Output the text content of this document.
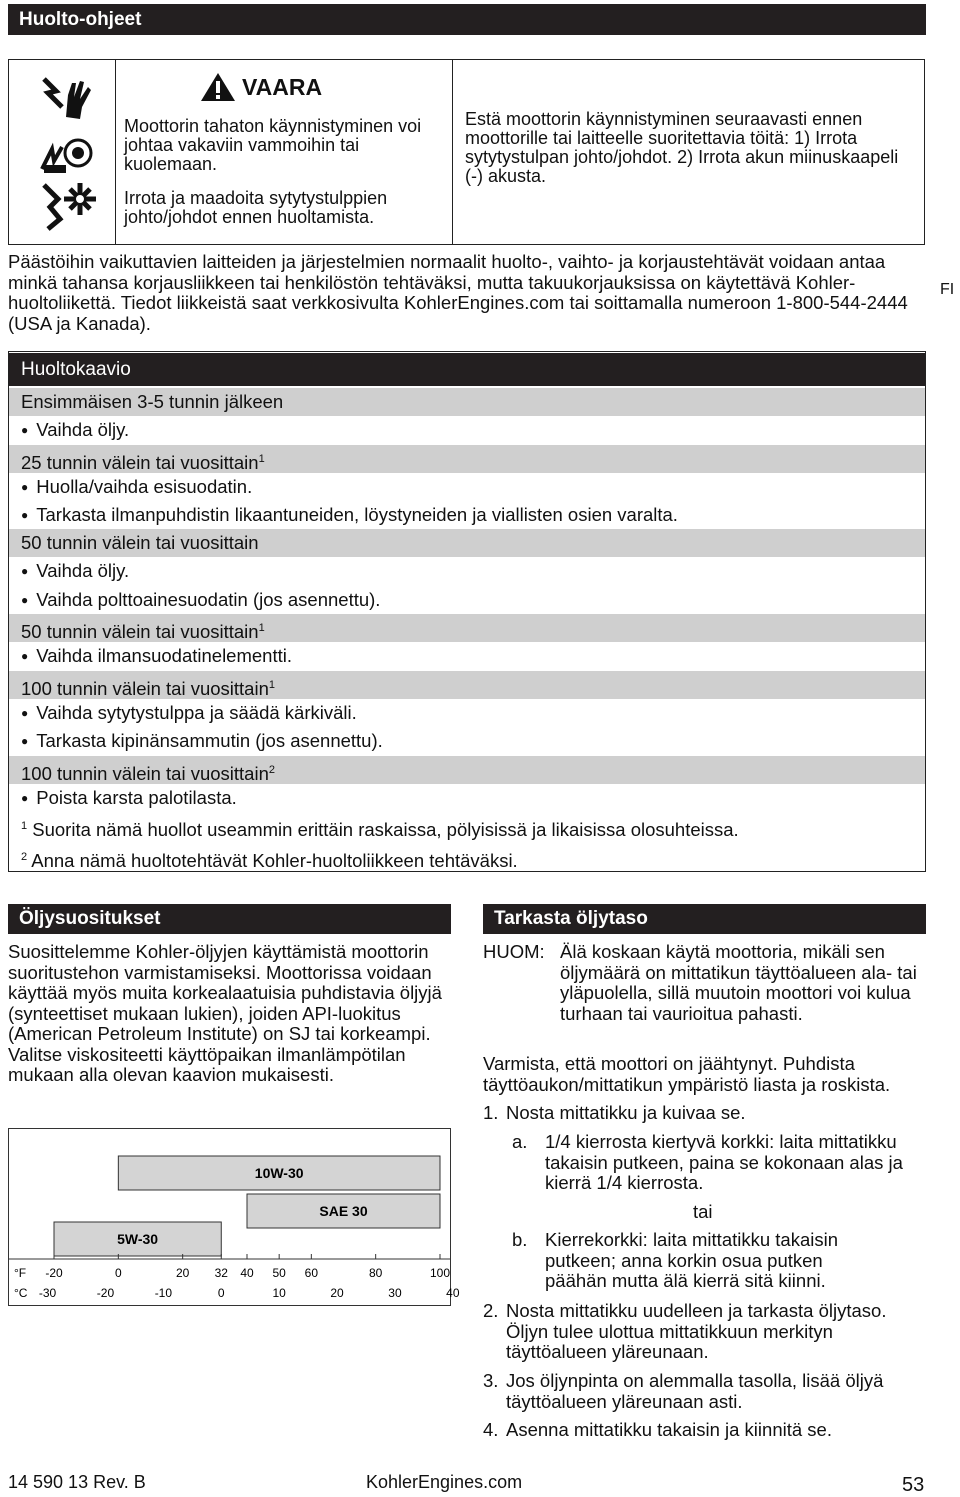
Huolto-ohjeet
VAARA
Moottorin tahaton käynnistyminen voi johtaa vakaviin vammoihin tai kuolemaan.
Irrota ja maadoita sytytystulppien johto/johdot ennen huoltamista.
Estä moottorin käynnistyminen seuraavasti ennen moottorille tai laitteelle suoritettavia töitä: 1) Irrota sytytystulpan johto/johdot. 2) Irrota akun miinuskaapeli (-) akusta.
Päästöihin vaikuttavien laitteiden ja järjestelmien normaalit huolto-, vaihto- ja korjaustehtävät voidaan antaa minkä tahansa korjausliikkeen tai henkilöstön tehtäväksi, mutta takuukorjauksissa on käytettävä Kohler-huoltoliikettä. Tiedot liikkeistä saat verkkosivulta KohlerEngines.com tai soittamalla numeroon 1-800-544-2444 (USA ja Kanada).
FI
Huoltokaavio
Ensimmäisen 3-5 tunnin jälkeen
● Vaihda öljy.
25 tunnin välein tai vuosittain$^1$
● Huolla/vaihda esisuodatin.
● Tarkasta ilmanpuhdistin likaantuneiden, löystyneiden ja viallisten osien varalta.
50 tunnin välein tai vuosittain
● Vaihda öljy.
● Vaihda polttoainesuodatin (jos asennettu).
50 tunnin välein tai vuosittain$^1$
● Vaihda ilmansuodatinelementti.
100 tunnin välein tai vuosittain$^1$
● Vaihda sytytystulppa ja säädä kärkiväli.
● Tarkasta kipinänsammutin (jos asennettu).
100 tunnin välein tai vuosittain$^2$
● Poista karsta palotilasta.
$^1$ Suorita nämä huollot useammin erittäin raskaissa, pölyisissä ja likaisissa olosuhteissa.
$^2$ Anna nämä huoltotehtävät Kohler-huoltoliikkeen tehtäväksi.
Öljysuositukset
Suosittelemme Kohler-öljyjen käyttämistä moottorin suoritustehon varmistamiseksi. Moottorissa voidaan käyttää myös muita korkealaatuisia puhdistavia öljyjä (synteettiset mukaan lukien), joiden API-luokitus (American Petroleum Institute) on SJ tai korkeampi. Valitse viskositeetti käyttöpaikan ilmanlämpötilan mukaan alla olevan kaavion mukaisesti.
10W-30
SAE 30
5W-30
-20	0	20 32 40 50 60	80	100
-30	-20	-10	0	10	20	30	40
°F
°C
Tarkasta öljytaso
HUOM: Älä koskaan käytä moottoria, mikäli sen öljymäärä on mittatikun täyttöalueen ala- tai yläpuolella, sillä muutoin moottori voi kulua turhaan tai vaurioitua pahasti.
Varmista, että moottori on jäähtynyt. Puhdista täyttöaukon/mittatikun ympäristö liasta ja roskista.
1. Nosta mittatikku ja kuivaa se.
a. 1/4 kierrosta kiertyvä korkki: laita mittatikku takaisin putkeen, paina se kokonaan alas ja kierrä 1/4 kierrosta.
tai
b. Kierrekorkki: laita mittatikku takaisin putkeen; anna korkin osua putken päähän mutta älä kierrä sitä kiinni.
2. Nosta mittatikku uudelleen ja tarkasta öljytaso. Öljyn tulee ulottua mittatikkuun merkityn täyttöalueen yläreunaan.
3. Jos öljynpinta on alemmalla tasolla, lisää öljyä täyttöalueen yläreunaan asti.
4. Asenna mittatikku takaisin ja kiinnitä se.
14 590 13 Rev. B	KohlerEngines.com	53
